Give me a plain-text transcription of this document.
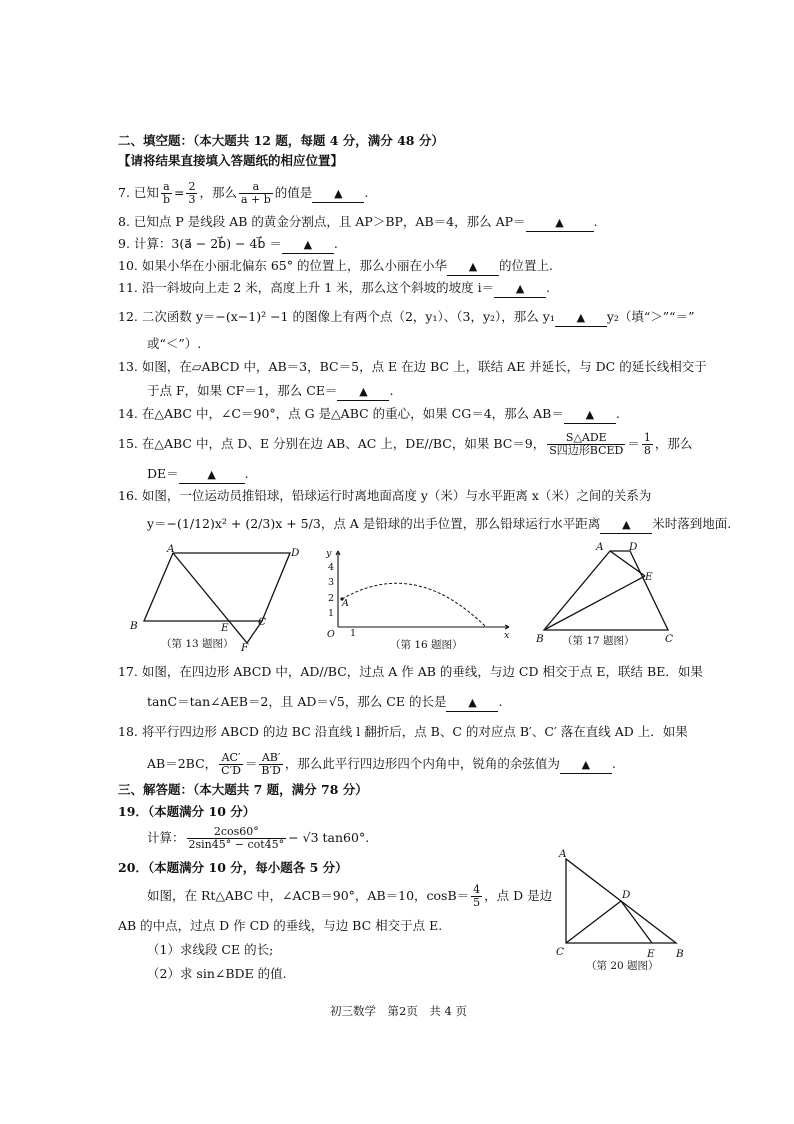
二、填空题：（本大题共 12 题，每题 4 分，满分 48 分）
【请将结果直接填入答题纸的相应位置】
7. 已知 $\frac{a}{b} = \frac{2}{3}$ ，那么 $\frac{a}{a + b}$ 的值是 ▲ .
8. 已知点 P 是线段 AB 的黄金分割点，且 AP＞BP，AB＝4，那么 AP＝	▲ .
9. 计算：3(a⃗ − 2b⃗) − 4b⃗ ＝ ▲ .
10. 如果小华在小丽北偏东 65° 的位置上，那么小丽在小华 ▲ 的位置上.
11. 沿一斜坡向上走 2 米，高度上升 1 米，那么这个斜坡的坡度 i＝ ▲ .
12. 二次函数 y＝−(x−1)² −1 的图像上有两个点（2，y₁）、（3，y₂），那么 y₁ ▲ y₂（填“＞”“＝”
或“＜”）.
13. 如图，在▱ABCD 中，AB＝3，BC＝5，点 E 在边 BC 上，联结 AE 并延长，与 DC 的延长线相交于
于点 F，如果 CF＝1，那么 CE＝ ▲ .
14. 在△ABC 中，∠C＝90°，点 G 是△ABC 的重心，如果 CG＝4，那么 AB＝ ▲ .
15. 在△ABC 中，点 D、E 分别在边 AB、AC 上，DE//BC，如果 BC＝9， $\frac{\text{S△ADE}}{\text{S四边形BCED}} = \frac{1}{8}$ ，那么
DE＝	▲ .
16. 如图，一位运动员推铅球，铅球运行时离地面高度 y（米）与水平距离 x（米）之间的关系为
y＝−(1/12)x² + (2/3)x + 5/3，点 A 是铅球的出手位置，那么铅球运行水平距离 ▲ 米时落到地面.
A	D
B	E	C
F
（第 13 题图）
y
4
3
2
1
A
O 1	x
（第 16 题图）
A D
E
B	C
（第 17 题图）
17. 如图，在四边形 ABCD 中，AD//BC，过点 A 作 AB 的垂线，与边 CD 相交于点 E，联结 BE．如果
tanC＝tan∠AEB＝2，且 AD＝√5，那么 CE 的长是 ▲ .
18. 将平行四边形 ABCD 的边 BC 沿直线 l 翻折后，点 B、C 的对应点 B′、C′ 落在直线 AD 上．如果
AB＝2BC， $\frac{AC'}{C'D} = \frac{AB'}{B'D}$ ，那么此平行四边形四个内角中，锐角的余弦值为 ▲ .
三、解答题：（本大题共 7 题，满分 78 分）
19．（本题满分 10 分）
计算： $\frac{2\cos 60^\circ}{2\sin 45^\circ - \cot 45^\circ} - √3$ tan60°.
20．（本题满分 10 分，每小题各 5 分）
如图，在 Rt△ABC 中，∠ACB＝90°，AB＝10，$\cos B= \frac{4}{5}$ ，点 D 是边
AB 的中点，过点 D 作 CD 的垂线，与边 BC 相交于点 E.
（1）求线段 CE 的长;
（2）求 sin∠BDE 的值.
A
D
C	E B
（第 20 题图）
初三数学　第2页　共 4 页
